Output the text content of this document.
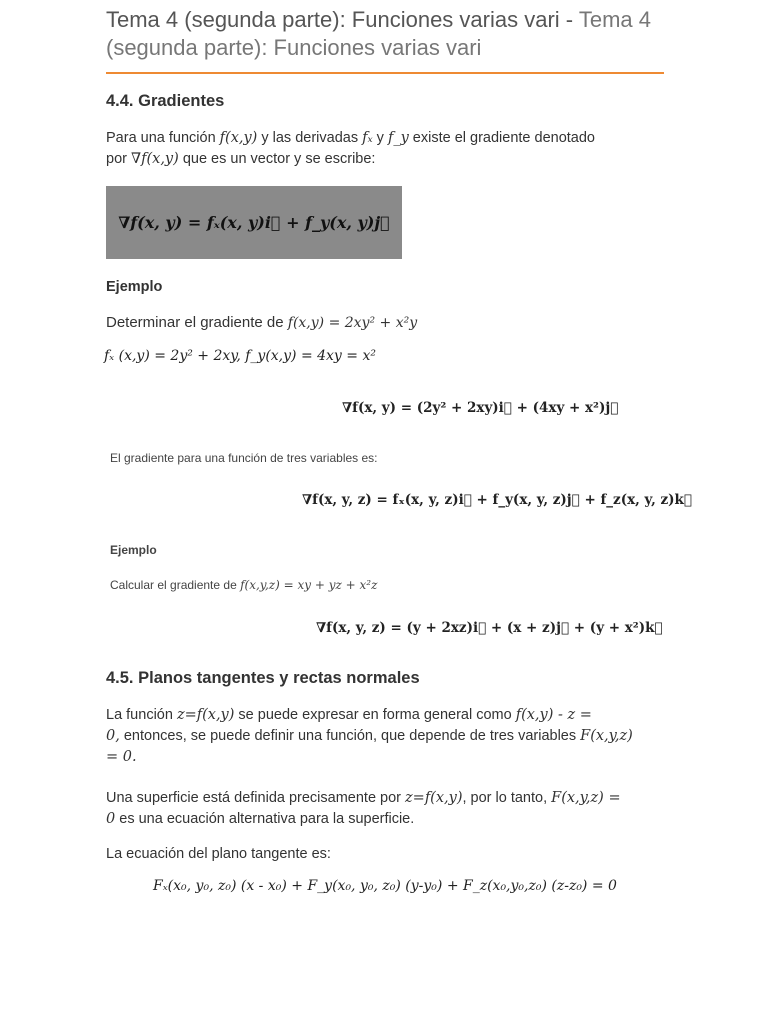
Tema 4 (segunda parte): Funciones varias vari - Tema 4 (segunda parte): Funciones varias vari
4.4. Gradientes
Para una función f(x,y) y las derivadas fₓ y f_y existe el gradiente denotado
por ∇f(x,y) que es un vector y se escribe:
∇f(x, y) = fₓ(x, y)i⃗ + f_y(x, y)j⃗
Ejemplo
Determinar el gradiente de f(x,y) = 2xy² + x²y
fₓ (x,y) = 2y² + 2xy, f_y(x,y) = 4xy = x²
∇f(x, y) = (2y² + 2xy)i⃗ + (4xy + x²)j⃗
El gradiente para una función de tres variables es:
∇f(x, y, z) = fₓ(x, y, z)i⃗ + f_y(x, y, z)j⃗ + f_z(x, y, z)k⃗
Ejemplo
Calcular el gradiente de f(x,y,z) = xy + yz + x²z
∇f(x, y, z) = (y + 2xz)i⃗ + (x + z)j⃗ + (y + x²)k⃗
4.5. Planos tangentes y rectas normales
La función z=f(x,y) se puede expresar en forma general como f(x,y) - z =
0, entonces, se puede definir una función, que depende de tres variables F(x,y,z)
= 0.
Una superficie está definida precisamente por z=f(x,y), por lo tanto, F(x,y,z) =
0 es una ecuación alternativa para la superficie.
La ecuación del plano tangente es:
Fₓ(x₀, y₀, z₀) (x - x₀) + F_y(x₀, y₀, z₀) (y-y₀) + F_z(x₀,y₀,z₀) (z-z₀) = 0
